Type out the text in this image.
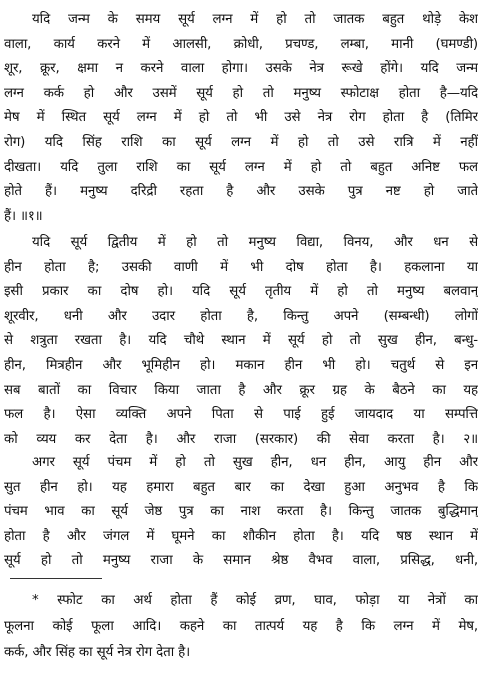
यदि जन्म के समय सूर्य लग्न में हो तो जातक बहुत थोड़े केश
वाला, कार्य करने में आलसी, क्रोधी, प्रचण्ड, लम्बा, मानी (घमण्डी)
शूर, क्रूर, क्षमा न करने वाला होगा। उसके नेत्र रूखे होंगे। यदि जन्म
लग्न कर्क हो और उसमें सूर्य हो तो मनुष्य स्फोटाक्ष होता है—यदि
मेष में स्थित सूर्य लग्न में हो तो भी उसे नेत्र रोग होता है (तिमिर
रोग) यदि सिंह राशि का सूर्य लग्न में हो तो उसे रात्रि में नहीं
दीखता। यदि तुला राशि का सूर्य लग्न में हो तो बहुत अनिष्ट फल
होते हैं। मनुष्य दरिद्री रहता है और उसके पुत्र नष्ट हो जाते
हैं। ॥१॥
यदि सूर्य द्वितीय में हो तो मनुष्य विद्या, विनय, और धन से
हीन होता है; उसकी वाणी में भी दोष होता है। हकलाना या
इसी प्रकार का दोष हो। यदि सूर्य तृतीय में हो तो मनुष्य बलवान्
शूरवीर, धनी और उदार होता है, किन्तु अपने (सम्बन्धी) लोगों
से शत्रुता रखता है। यदि चौथे स्थान में सूर्य हो तो सुख हीन, बन्धु-
हीन, मित्रहीन और भूमिहीन हो। मकान हीन भी हो। चतुर्थ से इन
सब बातों का विचार किया जाता है और क्रूर ग्रह के बैठने का यह
फल है। ऐसा व्यक्ति अपने पिता से पाई हुई जायदाद या सम्पत्ति
को व्यय कर देता है। और राजा (सरकार) की सेवा करता है। २॥
अगर सूर्य पंचम में हो तो सुख हीन, धन हीन, आयु हीन और
सुत हीन हो। यह हमारा बहुत बार का देखा हुआ अनुभव है कि
पंचम भाव का सूर्य जेष्ठ पुत्र का नाश करता है। किन्तु जातक बुद्धिमान्
होता है और जंगल में घूमने का शौकीन होता है। यदि षष्ठ स्थान में
सूर्य हो तो मनुष्य राजा के समान श्रेष्ठ वैभव वाला, प्रसिद्ध, धनी,
* स्फोट का अर्थ होता हैं कोई व्रण, घाव, फोड़ा या नेत्रों का
फूलना कोई फूला आदि। कहने का तात्पर्य यह है कि लग्न में मेष,
कर्क, और सिंह का सूर्य नेत्र रोग देता है।
